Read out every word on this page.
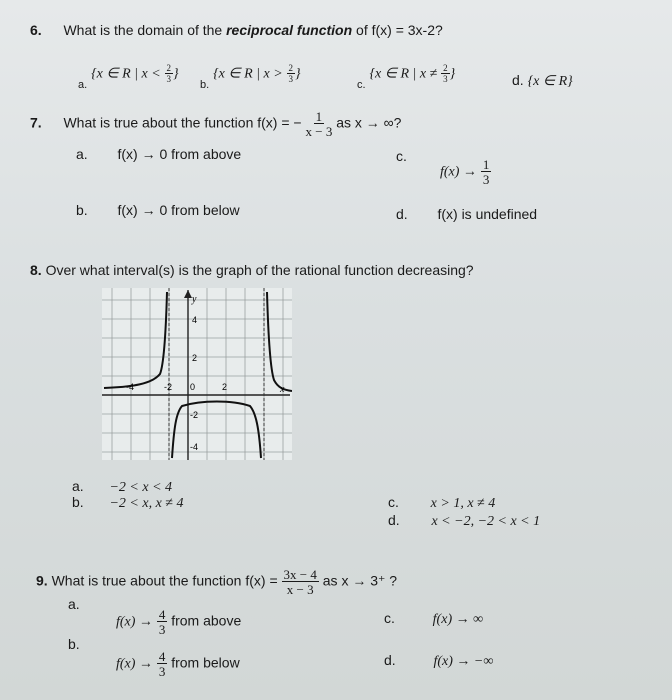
6. What is the domain of the reciprocal function of f(x) = 3x-2?
$_{a.}$ {x ∈ R | $x < \frac{2}{3}$ }
$_{b.}$ {x ∈ R | $x > \frac{2}{3}$ }
$_{c.}$ {x ∈ R | $x \ne \frac{2}{3}$ }	d. {x ∈ R}
7. What is true about the function f(x) = − $\frac{1}{x - 3}$ as x → ∞?
a. f(x) → 0 from above
b. f(x) → 0 from below
c.
$f(x) \to \frac{1}{3}$
d. f(x) is undefined
8. Over what interval(s) is the graph of the rational function decreasing?
y
x
-4	-2 0	2
4
2
-2
-4
a. −2 < x < 4
b. −2 < x, x ≠ 4	c. x > 1, x ≠ 4
d. x < −2, −2 < x < 1
9. What is true about the function $f(x) = \frac{3x - 4}{x - 3}$ as x → 3⁺ ?
a.
$f(x) \to \frac{4}{3}$ from above
b.
$f(x) \to \frac{4}{3}$ from below
c.	f(x) → ∞
d.	f(x) → −∞
